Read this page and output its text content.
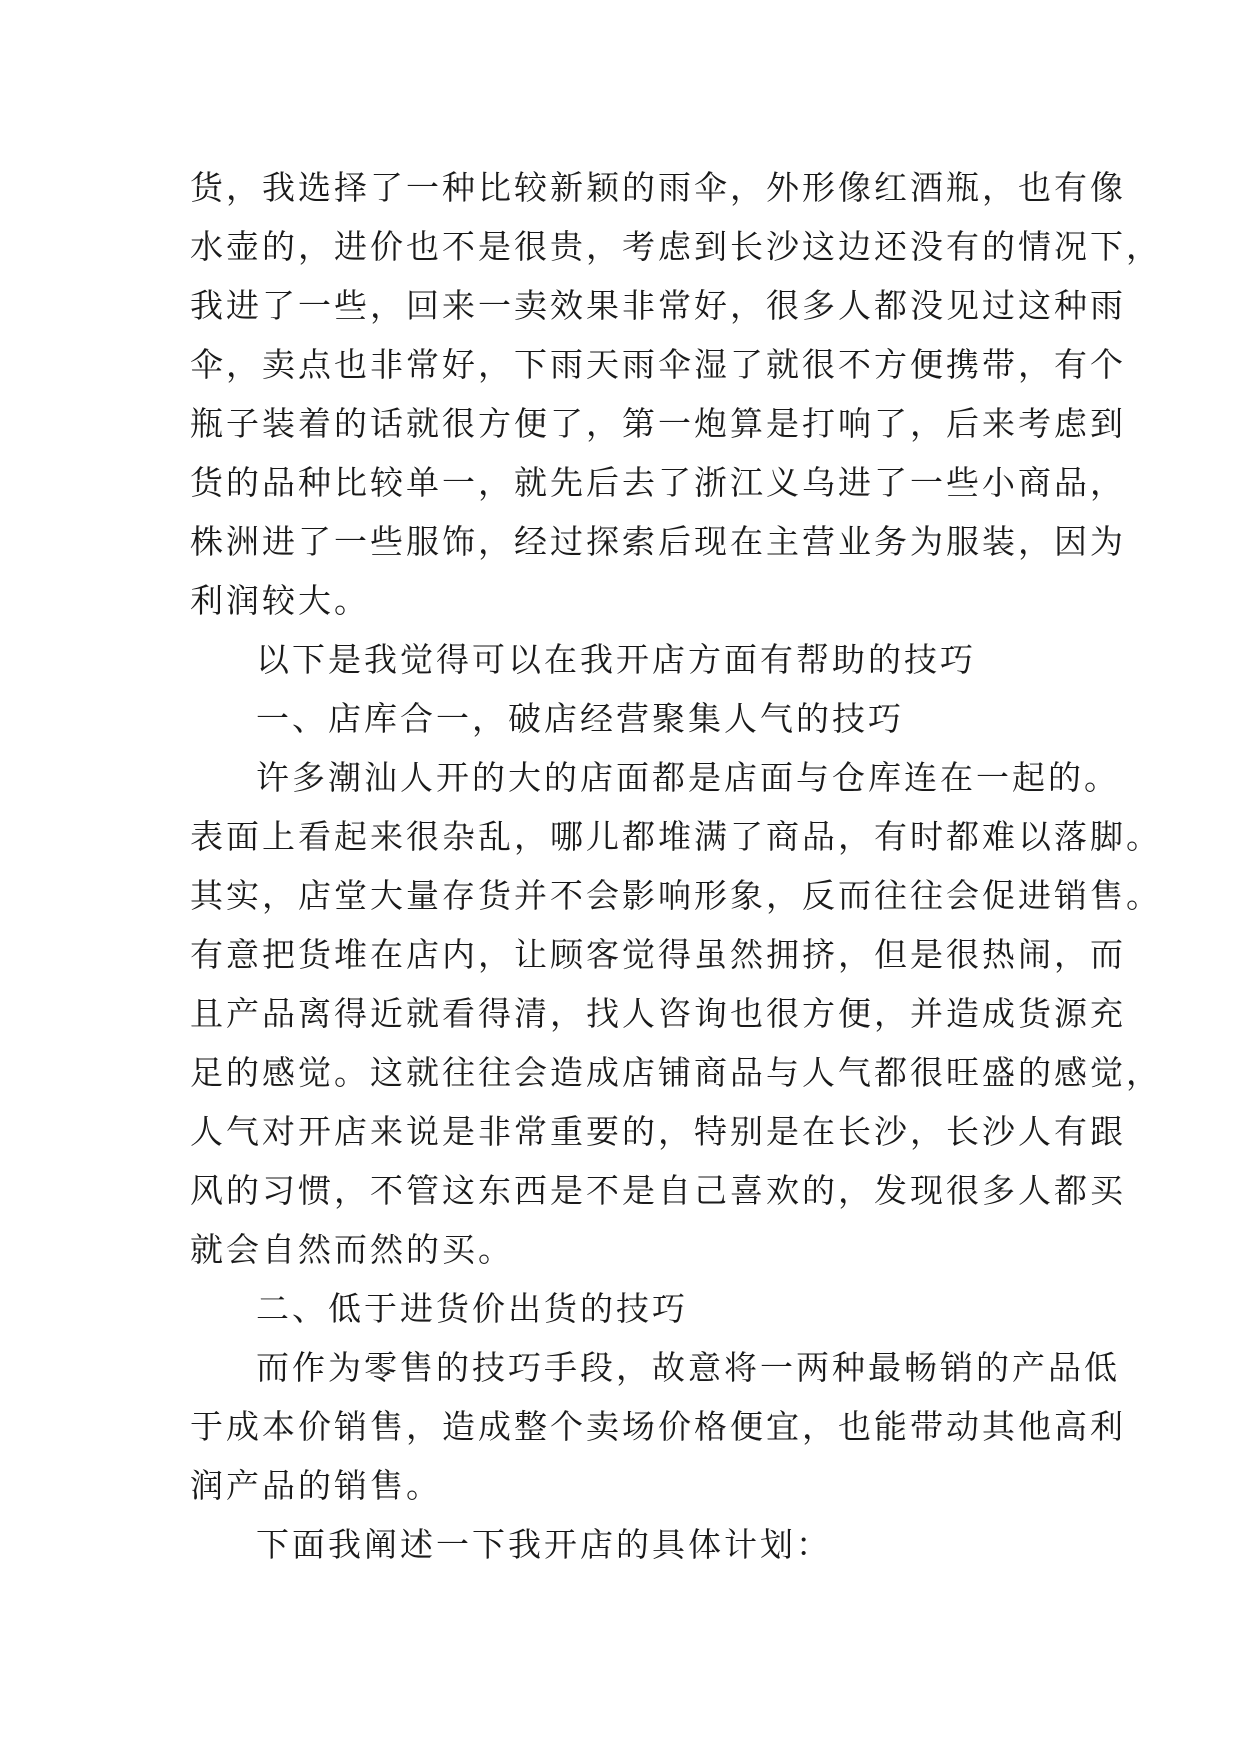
货，我选择了一种比较新颖的雨伞，外形像红酒瓶，也有像
水壶的，进价也不是很贵，考虑到长沙这边还没有的情况下，
我进了一些，回来一卖效果非常好，很多人都没见过这种雨
伞，卖点也非常好，下雨天雨伞湿了就很不方便携带，有个
瓶子装着的话就很方便了，第一炮算是打响了，后来考虑到
货的品种比较单一，就先后去了浙江义乌进了一些小商品，
株洲进了一些服饰，经过探索后现在主营业务为服装，因为
利润较大。
以下是我觉得可以在我开店方面有帮助的技巧
一、店库合一，破店经营聚集人气的技巧
许多潮汕人开的大的店面都是店面与仓库连在一起的。
表面上看起来很杂乱，哪儿都堆满了商品，有时都难以落脚。
其实，店堂大量存货并不会影响形象，反而往往会促进销售。
有意把货堆在店内，让顾客觉得虽然拥挤，但是很热闹，而
且产品离得近就看得清，找人咨询也很方便，并造成货源充
足的感觉。这就往往会造成店铺商品与人气都很旺盛的感觉，
人气对开店来说是非常重要的，特别是在长沙，长沙人有跟
风的习惯，不管这东西是不是自己喜欢的，发现很多人都买
就会自然而然的买。
二、低于进货价出货的技巧
而作为零售的技巧手段，故意将一两种最畅销的产品低
于成本价销售，造成整个卖场价格便宜，也能带动其他高利
润产品的销售。
下面我阐述一下我开店的具体计划：
